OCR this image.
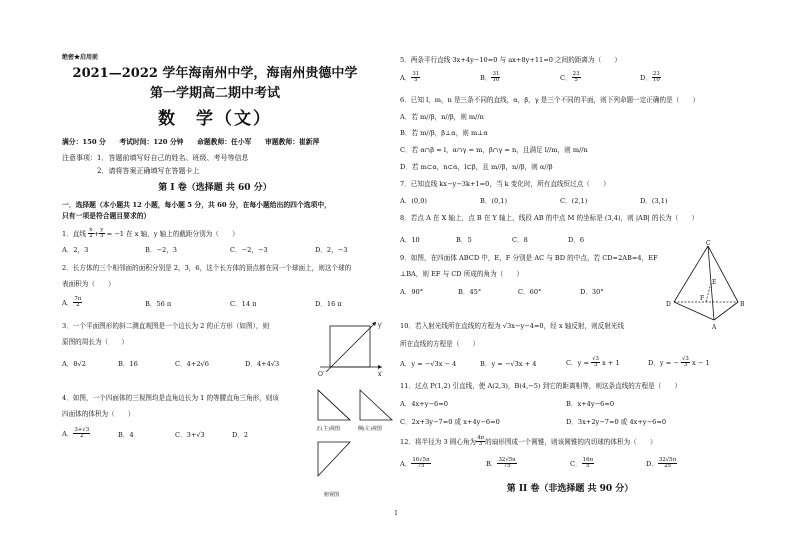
绝密★启用前
2021—2022 学年海南州中学，海南州贵德中学
第一学期高二期中考试
数　学（文）
满分：150 分　　考试时间：120 分钟　　命题教师：任小军　　审题教师：崔新萍
注意事项：1．答题前填写好自己的姓名、班级、考号等信息
2．请将答案正确填写在答题卡上
第 I 卷（选择题 共 60 分）
一．选择题（本小题共 12 小题，每小题 5 分，共 60 分，在每小题给出的四个选项中，
只有一项是符合题目要求的）
1．直线 $\frac{x}{2} + \frac{y}{3} = -1$ 在 x 轴，y 轴上的截距分别为（　　）
A．2，3	B．−2，3	C．−2，−3	D．2，−3
2．长方体的三个相邻面的面积分别是 2，3，6，这个长方体的顶点都在同一个球面上，则这个球的
表面积为（　　）
A． $\frac{7\pi}{2}$	B．56 π	C．14 π	D．16 π
3．一个平面图形的斜二测直观图是一个边长为 2 的正方形（如图），则
原图的周长为（　　）
A．8√2	B．16	C．4+2√6	D．4+4√3
y′
O′	x′
4．如图，一个四面体的三视图均是直角边长为 1 的等腰直角三角形，则该
四面体的体积为（　　）
A． $\frac{3+√3}{2}$	B．4	C．3+√3	D．2
正(主)视图	侧(左)视图
俯视图
5．两条平行直线 3x+4y−10=0 与 ax+8y+11=0 之间的距离为（　　）
A． $\frac{31}{5}$	B． $\frac{31}{10}$	C． $\frac{23}{5}$	D． $\frac{23}{10}$
6．已知 l，m，n 是三条不同的直线，α，β，γ 是三个不同的平面，则下列命题一定正确的是（　　）
A．若 m//β，n//β，则 m//n
B．若 m//β，β⊥α，则 m⊥α
C．若 α∩β = l，α∩γ = m，β∩γ = n，且满足 l//m，则 m//n
D．若 m⊂α，n⊂α，l⊂β，且 m//β，n//β，则 α//β
7．已知直线 kx−y−3k+1=0，当 k 变化时，所有直线恒过点（　　）
A．(0,0)	B．(0,1)	C．(2,1)	D．(3,1)
8．若点 A 在 X 轴上，点 B 在 Y 轴上，线段 AB 的中点 M 的坐标是 (3,4)，则 |AB| 的长为（　　）
A．10	B．5	C．8	D．6
9．如图，在四面体 ABCD 中，E，F 分别是 AC 与 BD 的中点，若 CD=2AB=4，EF
⊥BA，则 EF 与 CD 所成的角为（　　）
A．90°	B．45°	C．60°	D．30°
C
E
F
D	B
A
10．若入射光线所在直线的方程为 √3x−y−4=0，经 x 轴反射，则反射光线
所在直线的方程是（　　）
A．y = −√3x − 4	B．y = −√3x + 4	C．$y = \frac{√3}{3}$ x + 1	D．y = − $\frac{√3}{3}$ x − 1
11．过点 P(1,2) 引直线，使 A(2,3)，B(4,−5) 到它的距离相等，则这条直线的方程是（　　）
A．4x+y−6=0	B．x+4y−6=0
C．2x+3y−7=0 或 x+4y−6=0	D．3x+2y−7=0 或 4x+y−6=0
12．将半径为 3 圆心角为 $\frac{4\pi}{3}$ 的扇形围成一个圆锥，则该圆锥的内切球的体积为（　　）
A． $\frac{16√5\pi}{75}$	B． $\frac{32√5\pi}{75}$	C． $\frac{16\pi}{5}$	D． $\frac{32√5\pi}{25}$
第 II 卷（非选择题 共 90 分）
1
